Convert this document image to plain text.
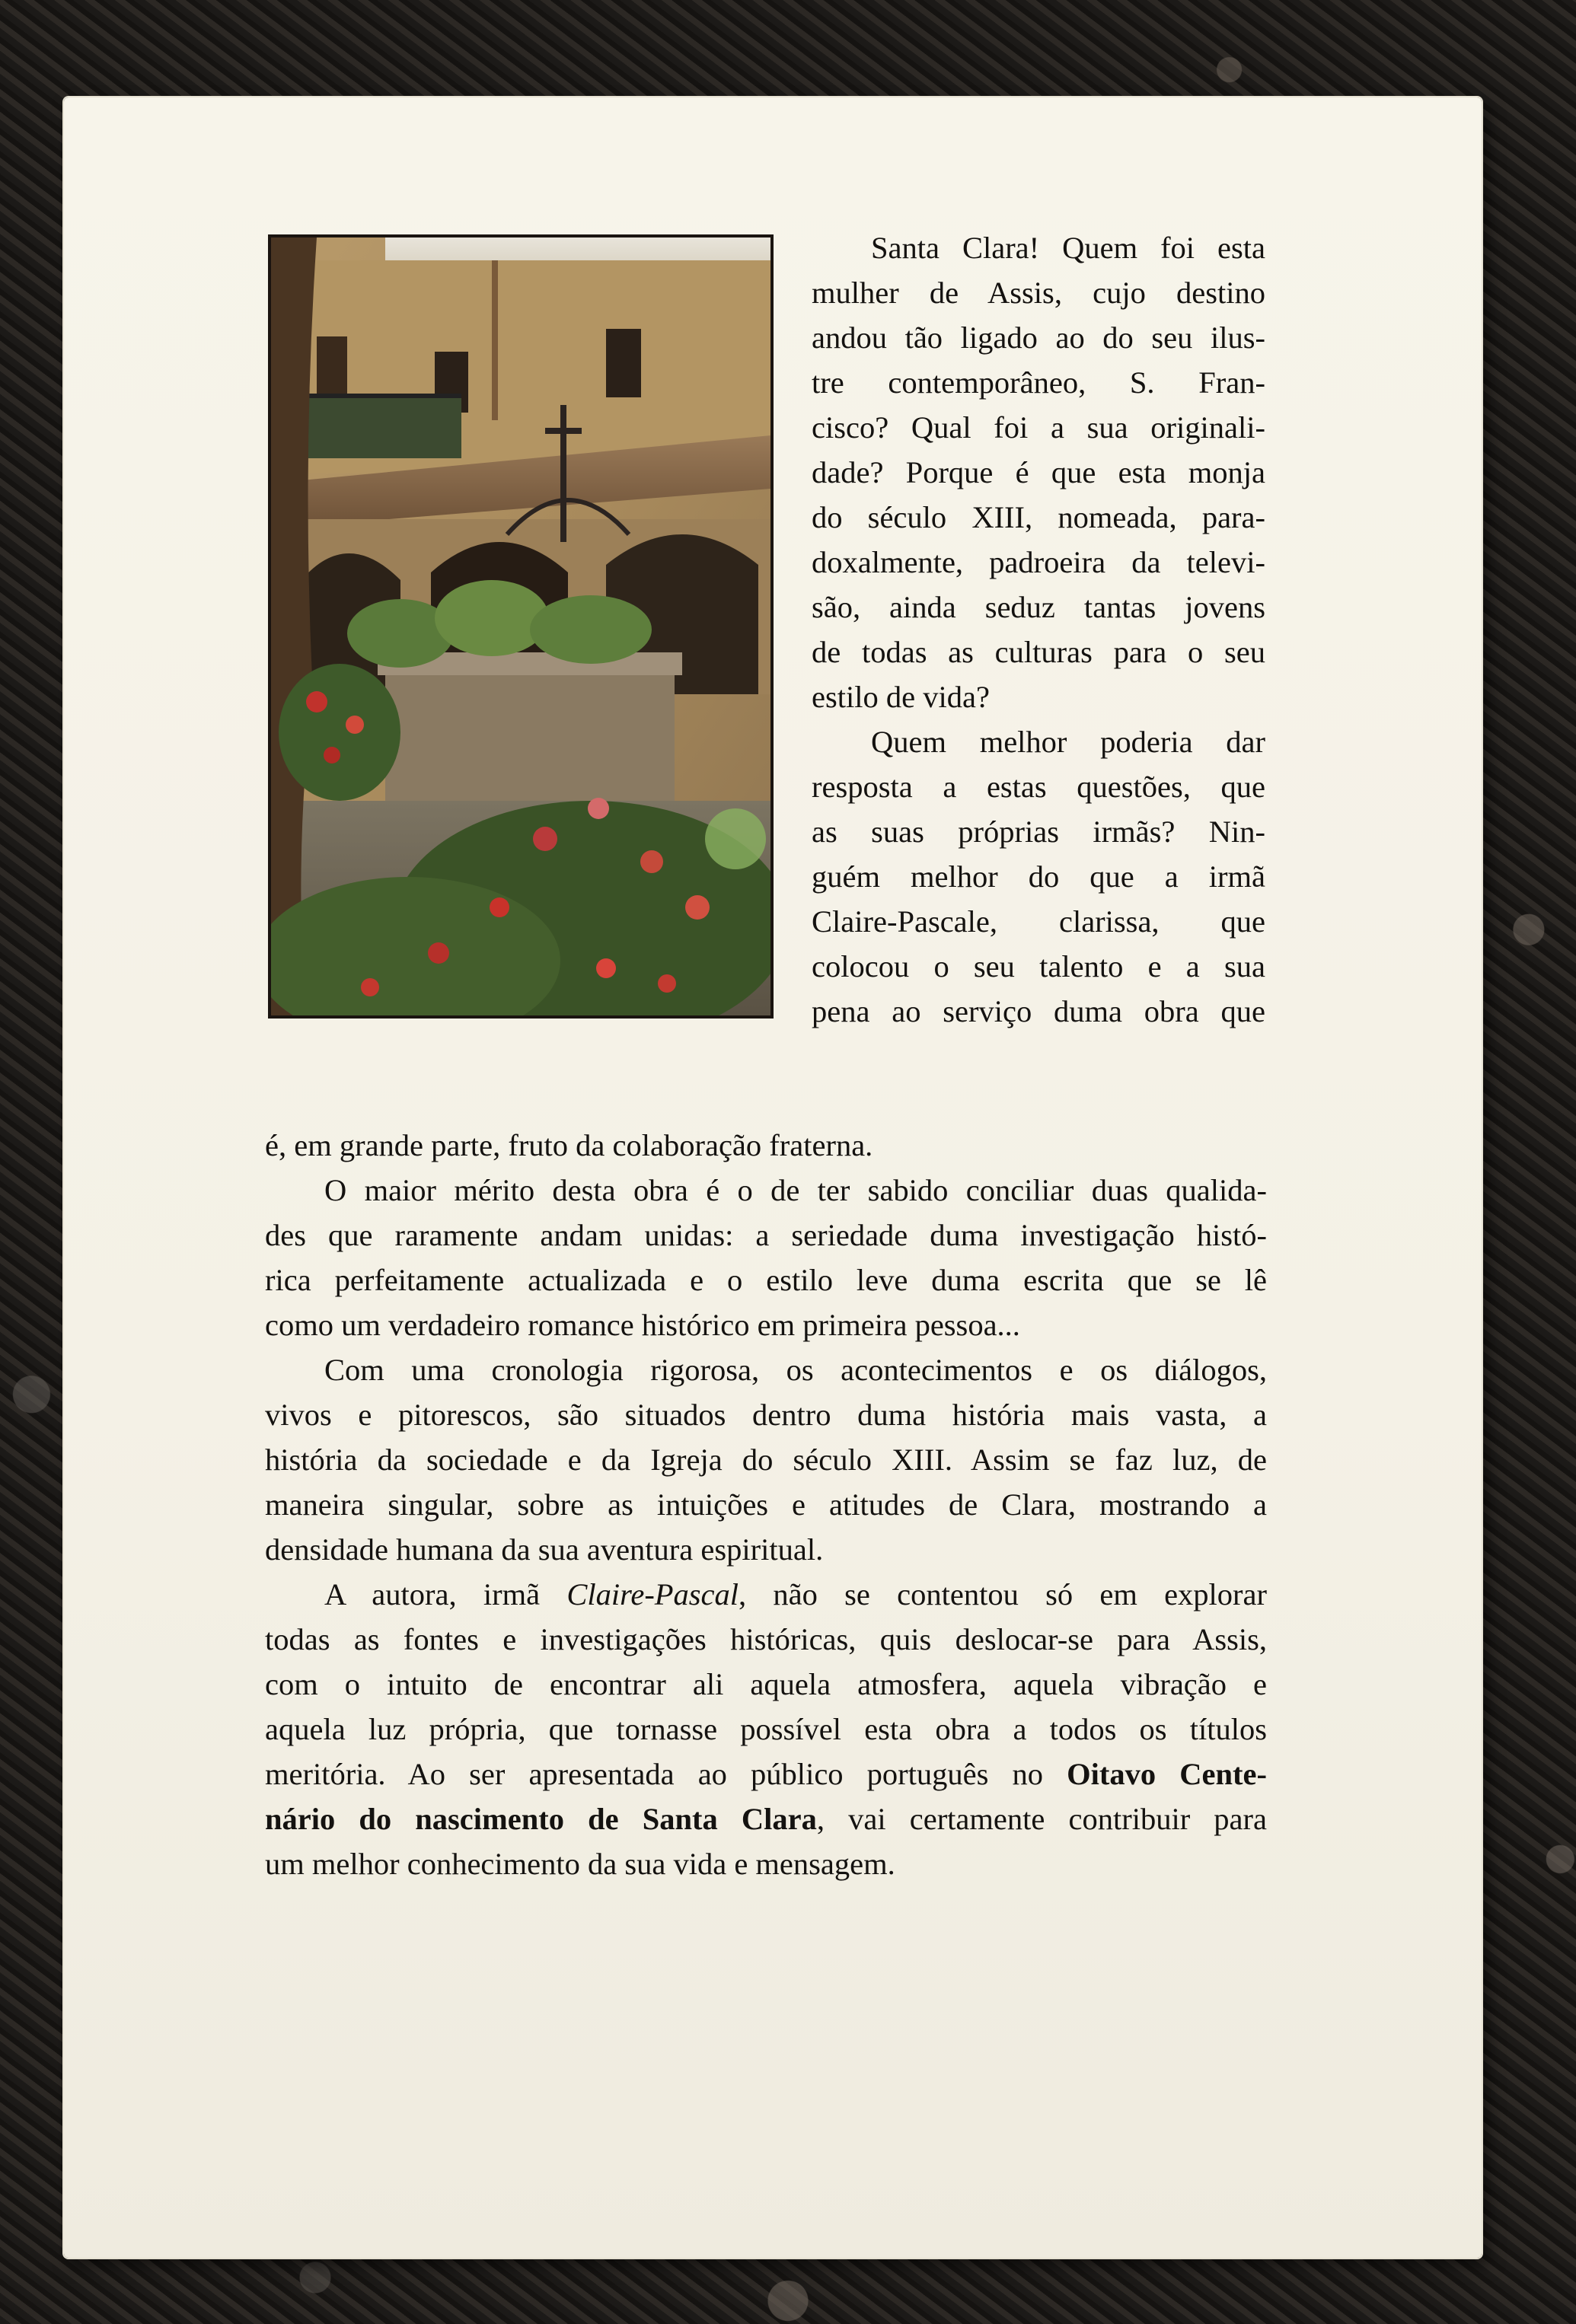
Santa Clara! Quem foi esta
mulher de Assis, cujo destino
andou tão ligado ao do seu ilus-
tre contemporâneo, S. Fran-
cisco? Qual foi a sua originali-
dade? Porque é que esta monja
do século XIII, nomeada, para-
doxalmente, padroeira da televi-
são, ainda seduz tantas jovens
de todas as culturas para o seu
estilo de vida?
Quem melhor poderia dar
resposta a estas questões, que
as suas próprias irmãs? Nin-
guém melhor do que a irmã
Claire-Pascale, clarissa, que
colocou o seu talento e a sua
pena ao serviço duma obra que
é, em grande parte, fruto da colaboração fraterna.
O maior mérito desta obra é o de ter sabido conciliar duas qualida-
des que raramente andam unidas: a seriedade duma investigação histó-
rica perfeitamente actualizada e o estilo leve duma escrita que se lê
como um verdadeiro romance histórico em primeira pessoa...
Com uma cronologia rigorosa, os acontecimentos e os diálogos,
vivos e pitorescos, são situados dentro duma história mais vasta, a
história da sociedade e da Igreja do século XIII. Assim se faz luz, de
maneira singular, sobre as intuições e atitudes de Clara, mostrando a
densidade humana da sua aventura espiritual.
A autora, irmã Claire-Pascal, não se contentou só em explorar
todas as fontes e investigações históricas, quis deslocar-se para Assis,
com o intuito de encontrar ali aquela atmosfera, aquela vibração e
aquela luz própria, que tornasse possível esta obra a todos os títulos
meritória. Ao ser apresentada ao público português no Oitavo Cente-
nário do nascimento de Santa Clara, vai certamente contribuir para
um melhor conhecimento da sua vida e mensagem.
